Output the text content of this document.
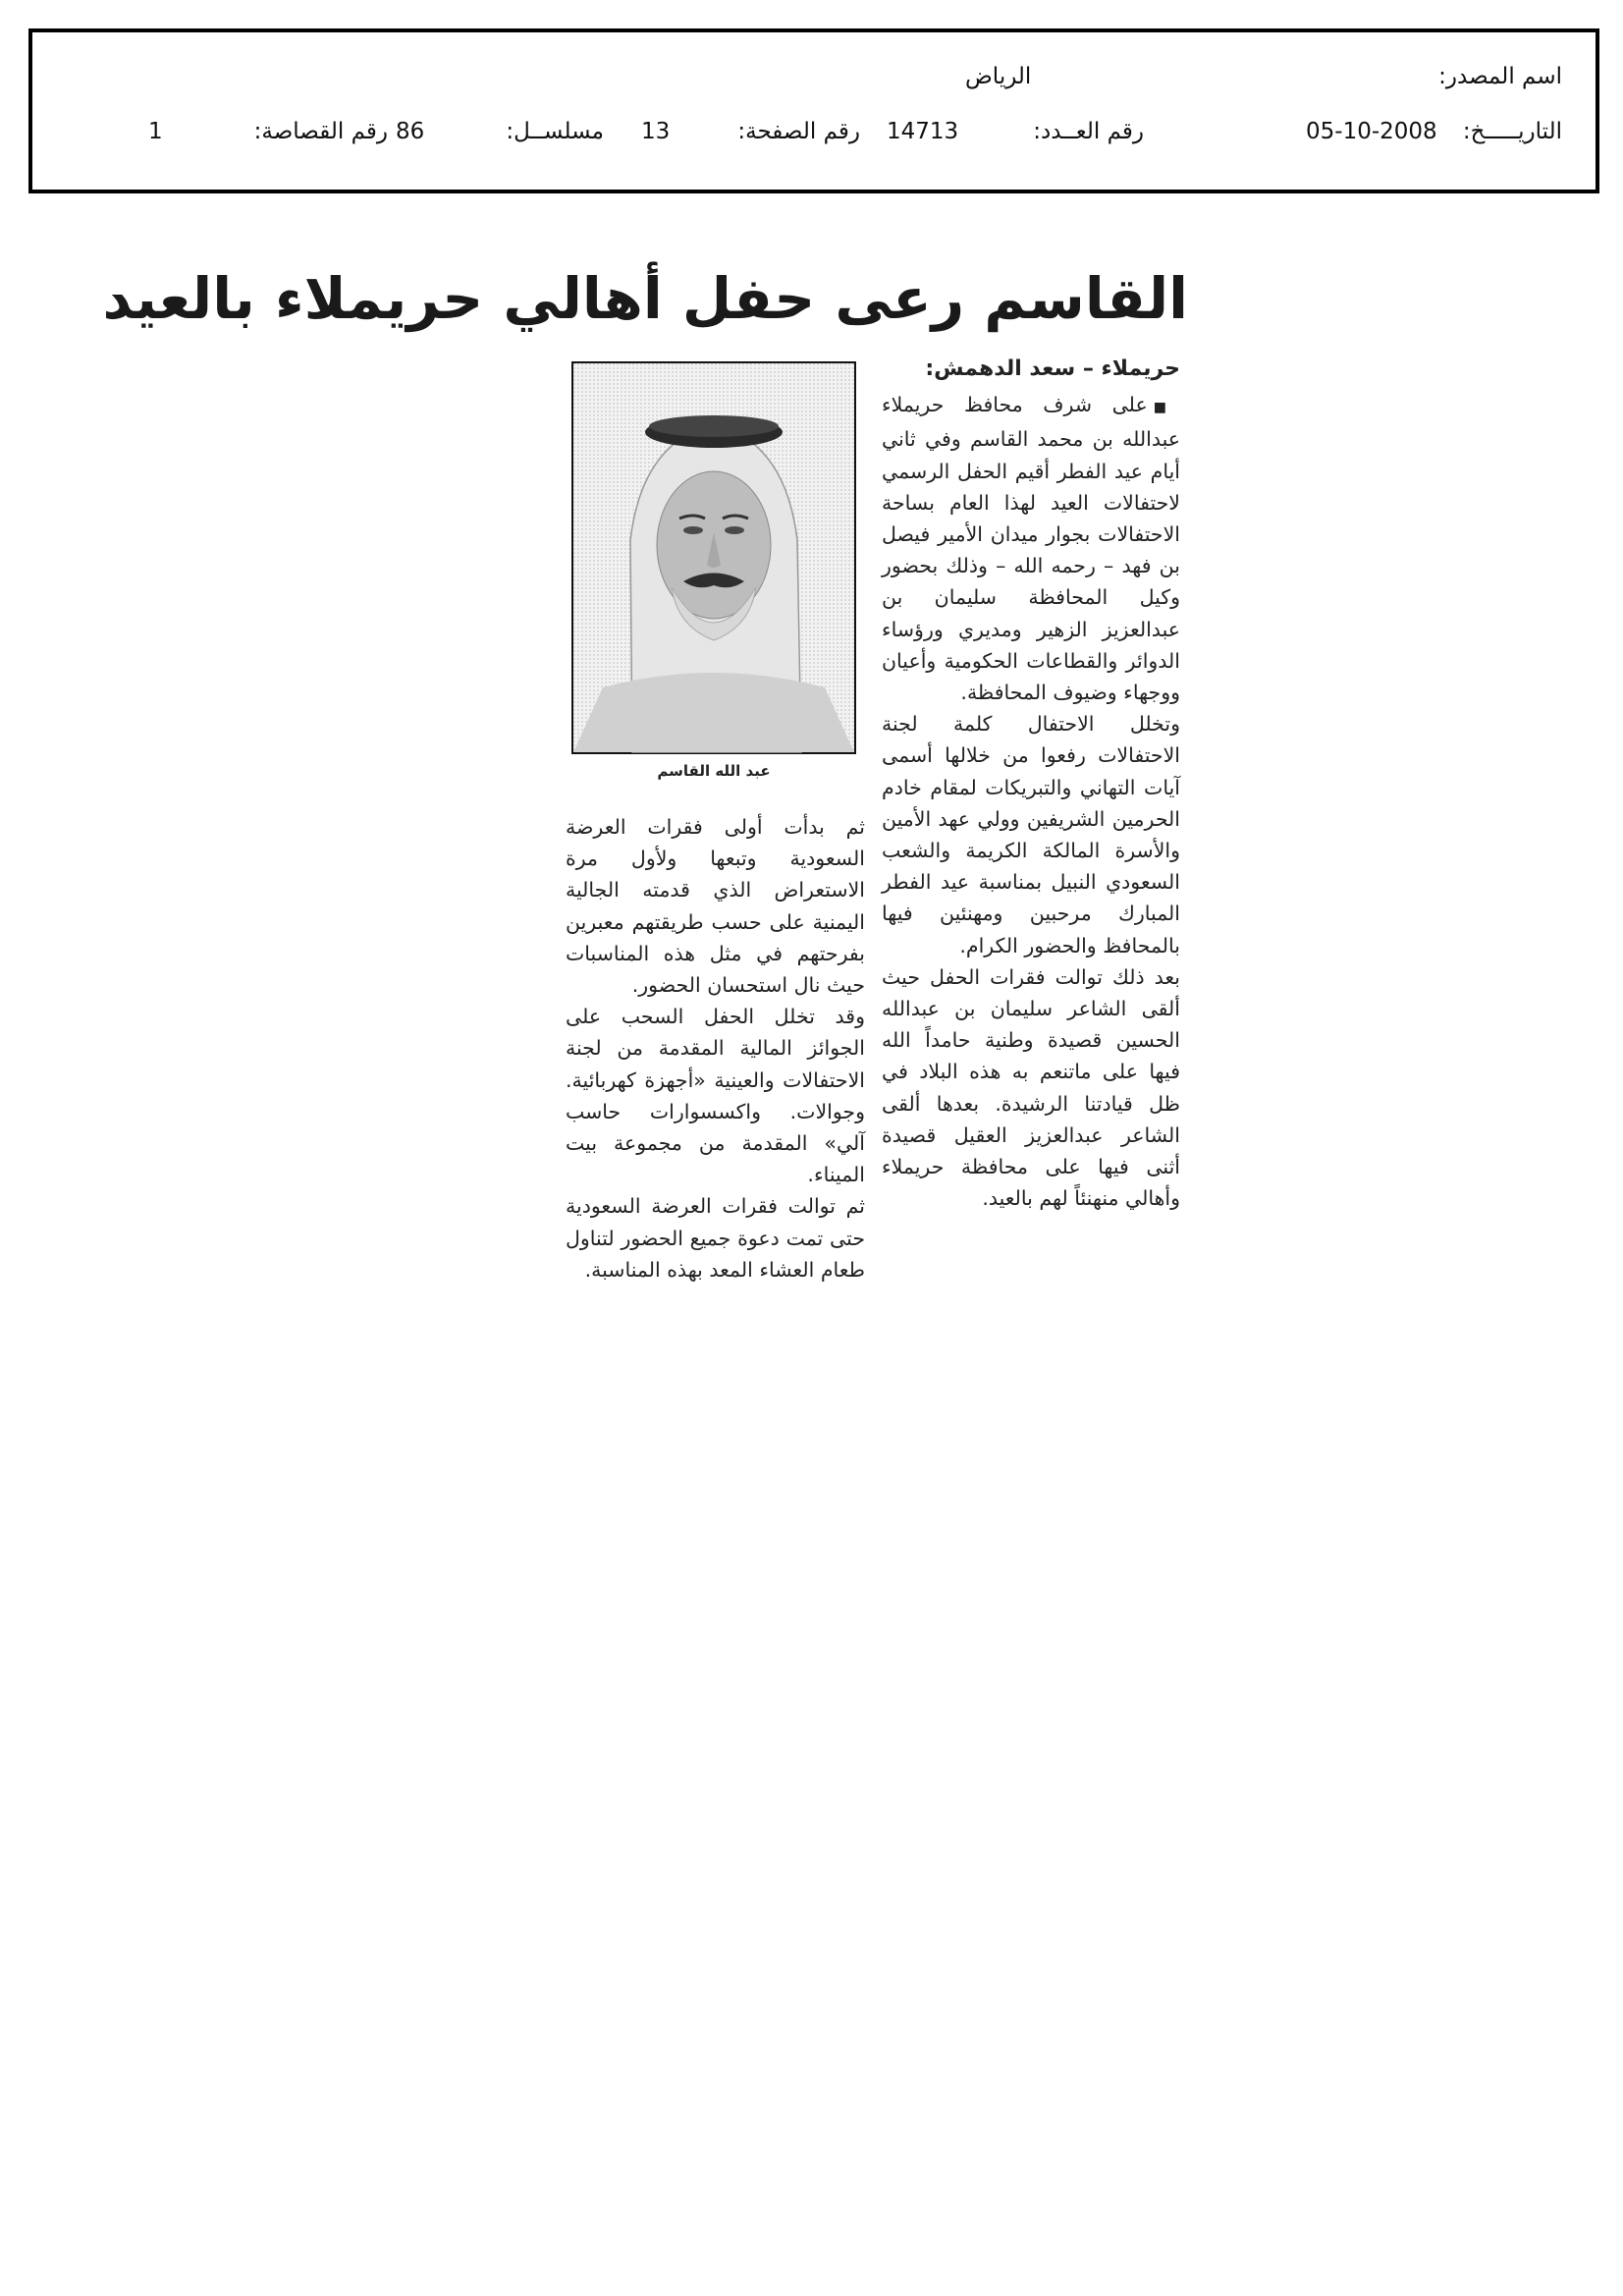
اسم المصدر:
الرياض
التاريـــــخ:
05-10-2008
رقم العــدد:
14713
رقم الصفحة:
13
مسلســل:
86
رقم القصاصة:
1
القاسم رعى حفل أهالي حريملاء بالعيد
حريملاء – سعد الدهمش:
■على شرف محافظ حريملاء عبدالله بن محمد القاسم وفي ثاني أيام عيد الفطر أقيم الحفل الرسمي لاحتفالات العيد لهذا العام بساحة الاحتفالات بجوار ميدان الأمير فيصل بن فهد – رحمه الله – وذلك بحضور وكيل المحافظة سليمان بن عبدالعزيز الزهير ومديري ورؤساء الدوائر والقطاعات الحكومية وأعيان ووجهاء وضيوف المحافظة.
وتخلل الاحتفال كلمة لجنة الاحتفالات رفعوا من خلالها أسمى آيات التهاني والتبريكات لمقام خادم الحرمين الشريفين وولي عهد الأمين والأسرة المالكة الكريمة والشعب السعودي النبيل بمناسبة عيد الفطر المبارك مرحبين ومهنئين فيها بالمحافظ والحضور الكرام.
بعد ذلك توالت فقرات الحفل حيث ألقى الشاعر سليمان بن عبدالله الحسين قصيدة وطنية حامداً الله فيها على ماتنعم به هذه البلاد في ظل قيادتنا الرشيدة. بعدها ألقى الشاعر عبدالعزيز العقيل قصيدة أثنى فيها على محافظة حريملاء وأهالي منهنئاً لهم بالعيد.
عبد الله القاسم
ثم بدأت أولى فقرات العرضة السعودية وتبعها ولأول مرة الاستعراض الذي قدمته الجالية اليمنية على حسب طريقتهم معبرين بفرحتهم في مثل هذه المناسبات حيث نال استحسان الحضور.
وقد تخلل الحفل السحب على الجوائز المالية المقدمة من لجنة الاحتفالات والعينية «أجهزة كهربائية. وجوالات. واكسسوارات حاسب آلي» المقدمة من مجموعة بيت الميناء.
ثم توالت فقرات العرضة السعودية حتى تمت دعوة جميع الحضور لتناول طعام العشاء المعد بهذه المناسبة.
